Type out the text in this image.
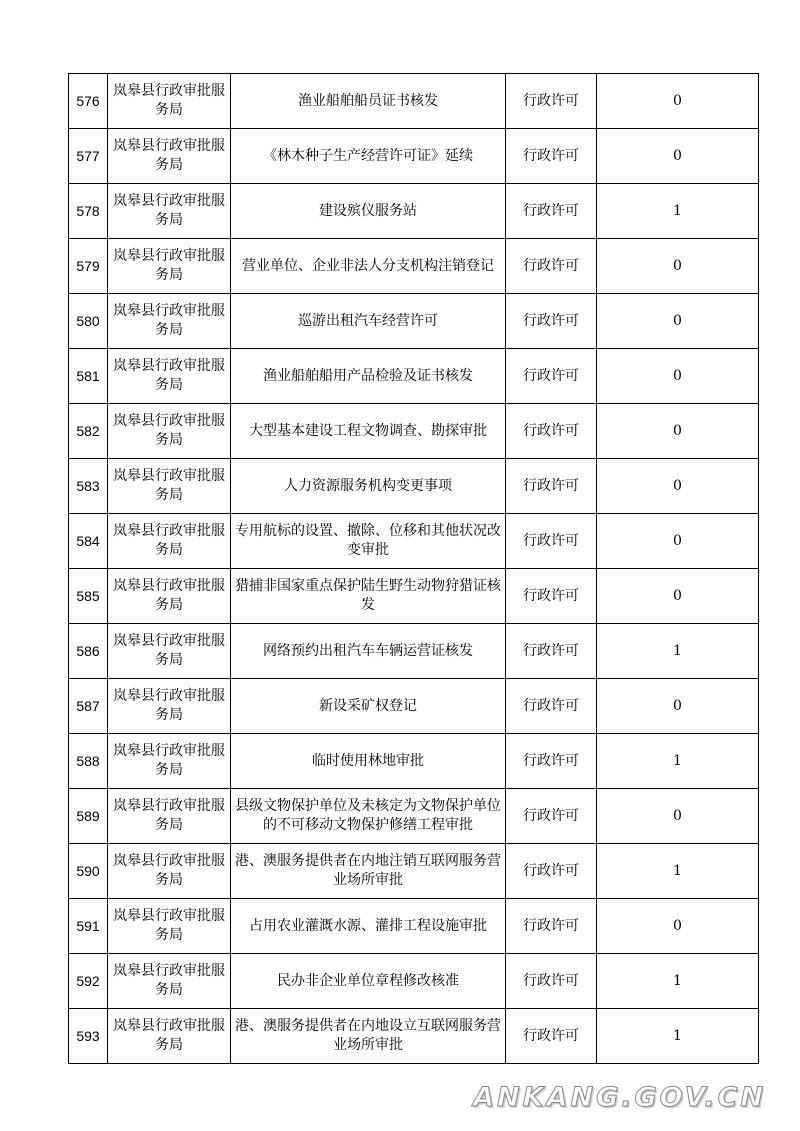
576	岚皋县行政审批服务局	渔业船舶船员证书核发	行政许可	0
577	岚皋县行政审批服务局	《林木种子生产经营许可证》延续	行政许可	0
578	岚皋县行政审批服务局	建设殡仪服务站	行政许可	1
579	岚皋县行政审批服务局	营业单位、企业非法人分支机构注销登记	行政许可	0
580	岚皋县行政审批服务局	巡游出租汽车经营许可	行政许可	0
581	岚皋县行政审批服务局	渔业船舶船用产品检验及证书核发	行政许可	0
582	岚皋县行政审批服务局	大型基本建设工程文物调查、勘探审批	行政许可	0
583	岚皋县行政审批服务局	人力资源服务机构变更事项	行政许可	0
584	岚皋县行政审批服务局	专用航标的设置、撤除、位移和其他状况改变审批	行政许可	0
585	岚皋县行政审批服务局	猎捕非国家重点保护陆生野生动物狩猎证核发	行政许可	0
586	岚皋县行政审批服务局	网络预约出租汽车车辆运营证核发	行政许可	1
587	岚皋县行政审批服务局	新设采矿权登记	行政许可	0
588	岚皋县行政审批服务局	临时使用林地审批	行政许可	1
589	岚皋县行政审批服务局	县级文物保护单位及未核定为文物保护单位的不可移动文物保护修缮工程审批	行政许可	0
590	岚皋县行政审批服务局	港、澳服务提供者在内地注销互联网服务营业场所审批	行政许可	1
591	岚皋县行政审批服务局	占用农业灌溉水源、灌排工程设施审批	行政许可	0
592	岚皋县行政审批服务局	民办非企业单位章程修改核准	行政许可	1
593	岚皋县行政审批服务局	港、澳服务提供者在内地设立互联网服务营业场所审批	行政许可	1
ANKANG.GOV.CN
